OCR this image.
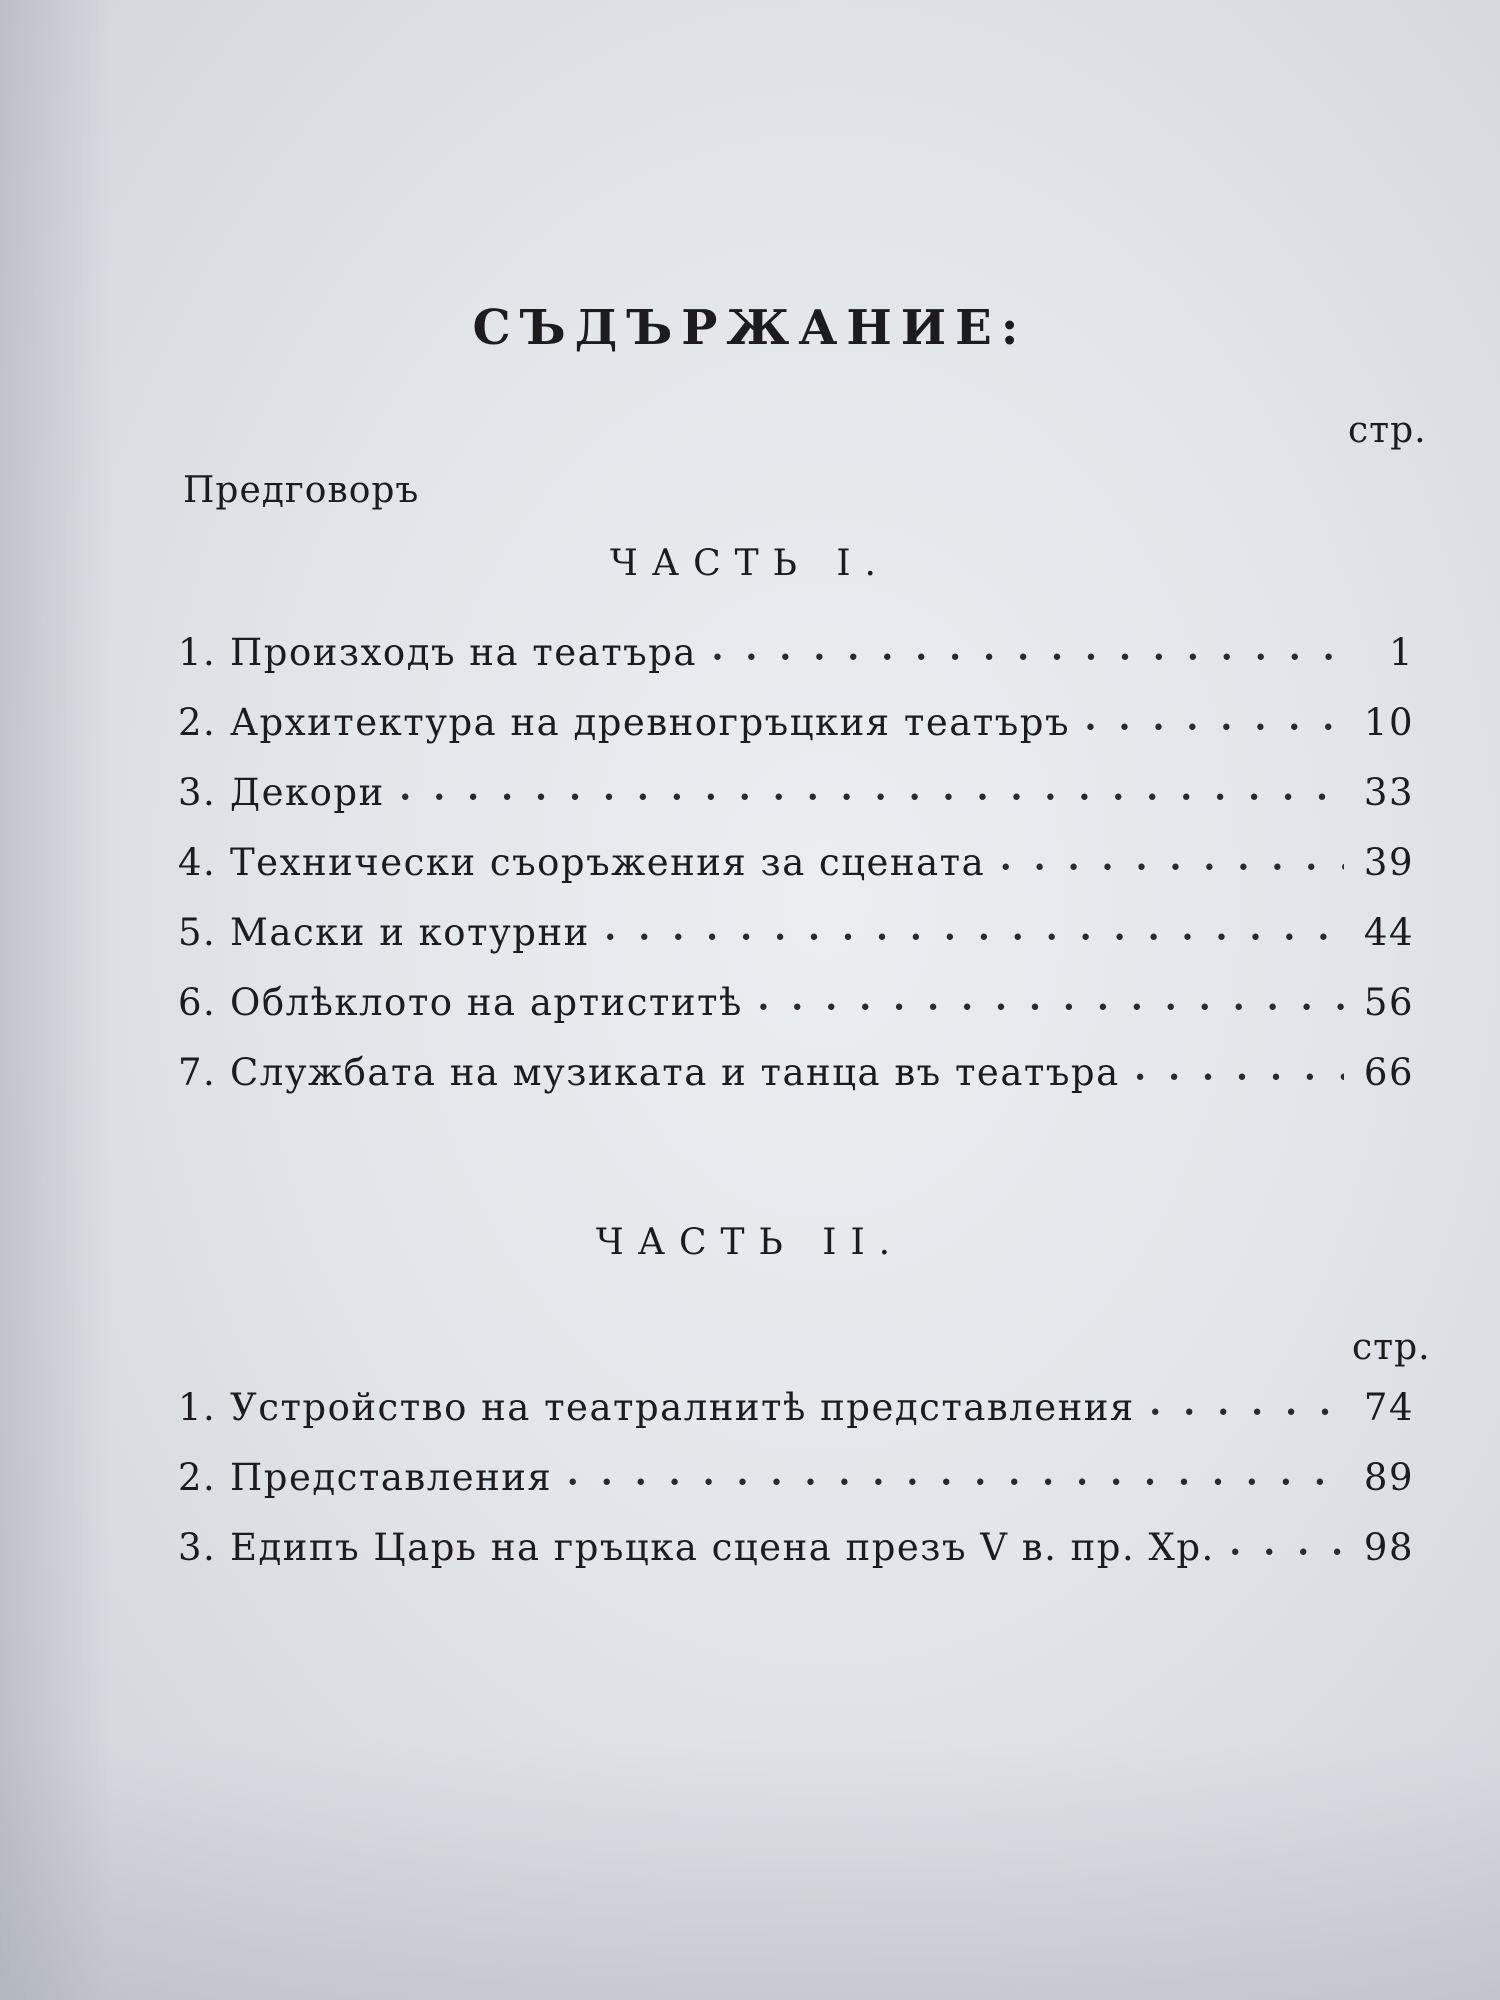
СЪДЪРЖАНИЕ:
стр.
Предговоръ
ЧАСТЬ I.
1. Произходъ на театъра • •	1
2. Архитектура на древногръцкия театъръ • •	10
3. Декори • •	33
4. Технически съоръжения за сцената • •	39
5. Маски и котурни • •	44
6. Облѣклото на артиститѣ • •	56
7. Службата на музиката и танца въ театъра • •	66
ЧАСТЬ II.
стр.
1. Устройство на театралнитѣ представления • •	74
2. Представления • •	89
3. Едипъ Царь на гръцка сцена презъ V в. пр. Хр. • •	98
